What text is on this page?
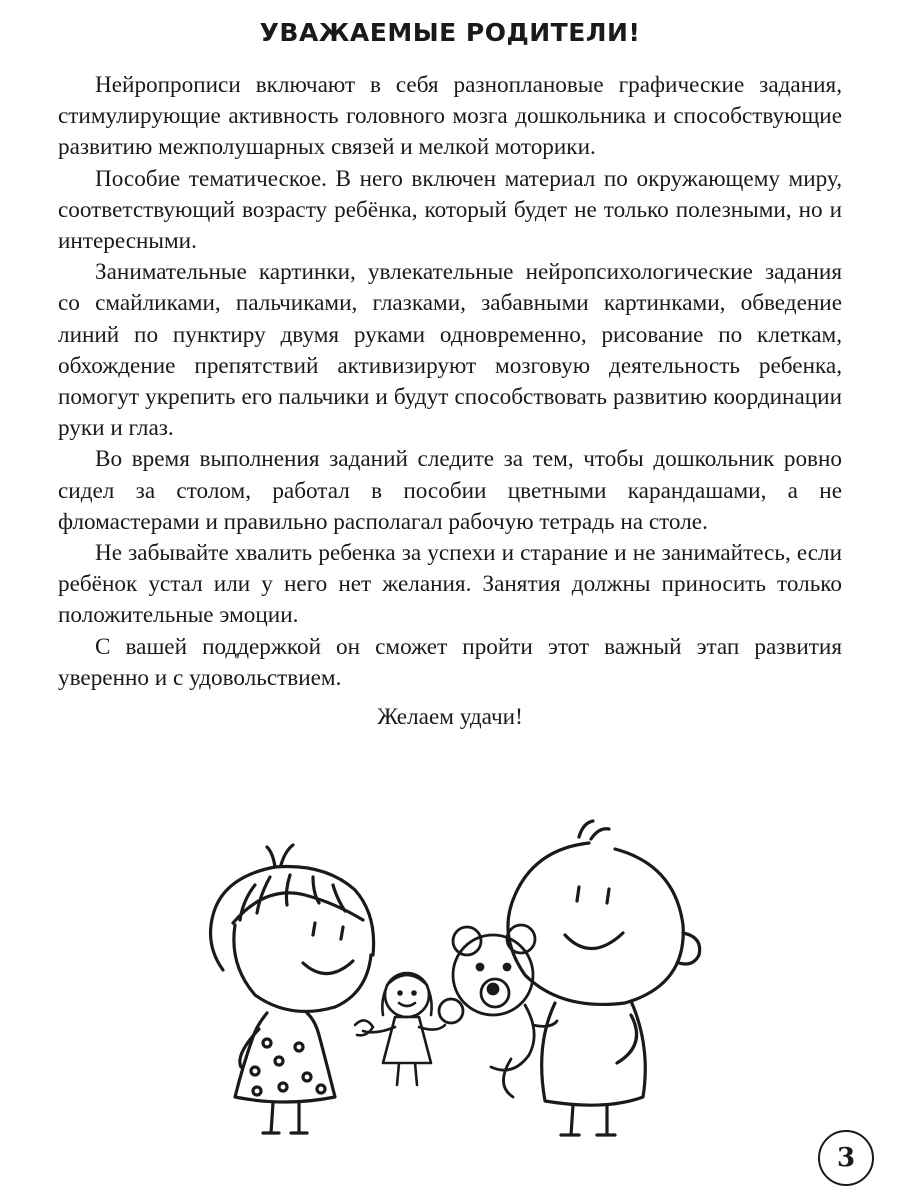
УВАЖАЕМЫЕ РОДИТЕЛИ!

Нейропрописи включают в себя разноплановые графические задания, стимулирующие активность головного мозга дошкольника и способствующие развитию межполушарных связей и мелкой моторики.

Пособие тематическое. В него включен материал по окружающему миру, соответствующий возрасту ребёнка, который будет не только полезными, но и интересными.

Занимательные картинки, увлекательные нейропсихологические задания со смайликами, пальчиками, глазками, забавными картинками, обведение линий по пунктиру двумя руками одновременно, рисование по клеткам, обхождение препятствий активизируют мозговую деятельность ребенка, помогут укрепить его пальчики и будут способствовать развитию координации руки и глаз.

Во время выполнения заданий следите за тем, чтобы дошкольник ровно сидел за столом, работал в пособии цветными карандашами, а не фломастерами и правильно располагал рабочую тетрадь на столе.

Не забывайте хвалить ребенка за успехи и старание и не занимайтесь, если ребёнок устал или у него нет желания. Занятия должны приносить только положительные эмоции.

С вашей поддержкой он сможет пройти этот важный этап развития уверенно и с удовольствием.

Желаем удачи!
3
